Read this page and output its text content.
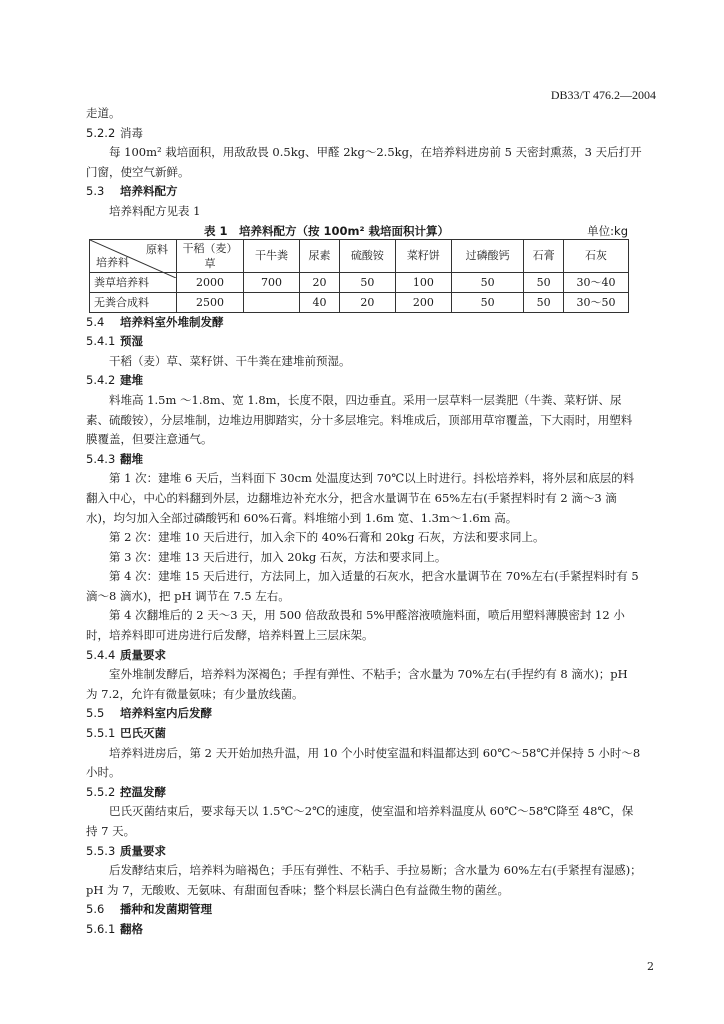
DB33/T 476.2—2004

走道。

5.2.2 消毒

每 100m² 栽培面积，用敌敌畏 0.5kg、甲醛 2kg～2.5kg，在培养料进房前 5 天密封熏蒸，3 天后打开门窗，使空气新鲜。

5.3 培养料配方

培养料配方见表 1

表 1　培养料配方（按 100m² 栽培面积计算）	单位:kg
原料
培养料	干稻（麦）草	干牛粪	尿素	硫酸铵	菜籽饼	过磷酸钙	石膏	石灰
粪草培养料	2000	700	20	50	100	50	50	30～40
无粪合成料	2500		40	20	200	50	50	30～50
5.4 培养料室外堆制发酵
5.4.1 预湿

干稻（麦）草、菜籽饼、干牛粪在建堆前预湿。

5.4.2 建堆

料堆高 1.5m ～1.8m、宽 1.8m，长度不限，四边垂直。采用一层草料一层粪肥（牛粪、菜籽饼、尿素、硫酸铵），分层堆制，边堆边用脚踏实，分十多层堆完。料堆成后，顶部用草帘覆盖，下大雨时，用塑料膜覆盖，但要注意通气。

5.4.3 翻堆

第 1 次：建堆 6 天后，当料面下 30cm 处温度达到 70℃以上时进行。抖松培养料，将外层和底层的料翻入中心，中心的料翻到外层，边翻堆边补充水分，把含水量调节在 65%左右(手紧捏料时有 2 滴～3 滴水)，均匀加入全部过磷酸钙和 60%石膏。料堆缩小到 1.6m 宽、1.3m～1.6m 高。

第 2 次：建堆 10 天后进行，加入余下的 40%石膏和 20kg 石灰，方法和要求同上。

第 3 次：建堆 13 天后进行，加入 20kg 石灰，方法和要求同上。

第 4 次：建堆 15 天后进行，方法同上，加入适量的石灰水，把含水量调节在 70%左右(手紧捏料时有 5 滴～8 滴水)，把 pH 调节在 7.5 左右。

第 4 次翻堆后的 2 天～3 天，用 500 倍敌敌畏和 5%甲醛溶液喷施料面，喷后用塑料薄膜密封 12 小时，培养料即可进房进行后发酵，培养料置上三层床架。

5.4.4 质量要求

室外堆制发酵后，培养料为深褐色；手捏有弹性、不粘手；含水量为 70%左右(手捏约有 8 滴水)；pH 为 7.2，允许有微量氨味；有少量放线菌。

5.5 培养料室内后发酵
5.5.1 巴氏灭菌

培养料进房后，第 2 天开始加热升温，用 10 个小时使室温和料温都达到 60℃～58℃并保持 5 小时～8 小时。

5.5.2 控温发酵

巴氏灭菌结束后，要求每天以 1.5℃～2℃的速度，使室温和培养料温度从 60℃～58℃降至 48℃，保持 7 天。

5.5.3 质量要求

后发酵结束后，培养料为暗褐色；手压有弹性、不粘手、手拉易断；含水量为 60%左右(手紧捏有湿感)；pH 为 7，无酸败、无氨味、有甜面包香味；整个料层长满白色有益微生物的菌丝。

5.6 播种和发菌期管理
5.6.1 翻格
2
